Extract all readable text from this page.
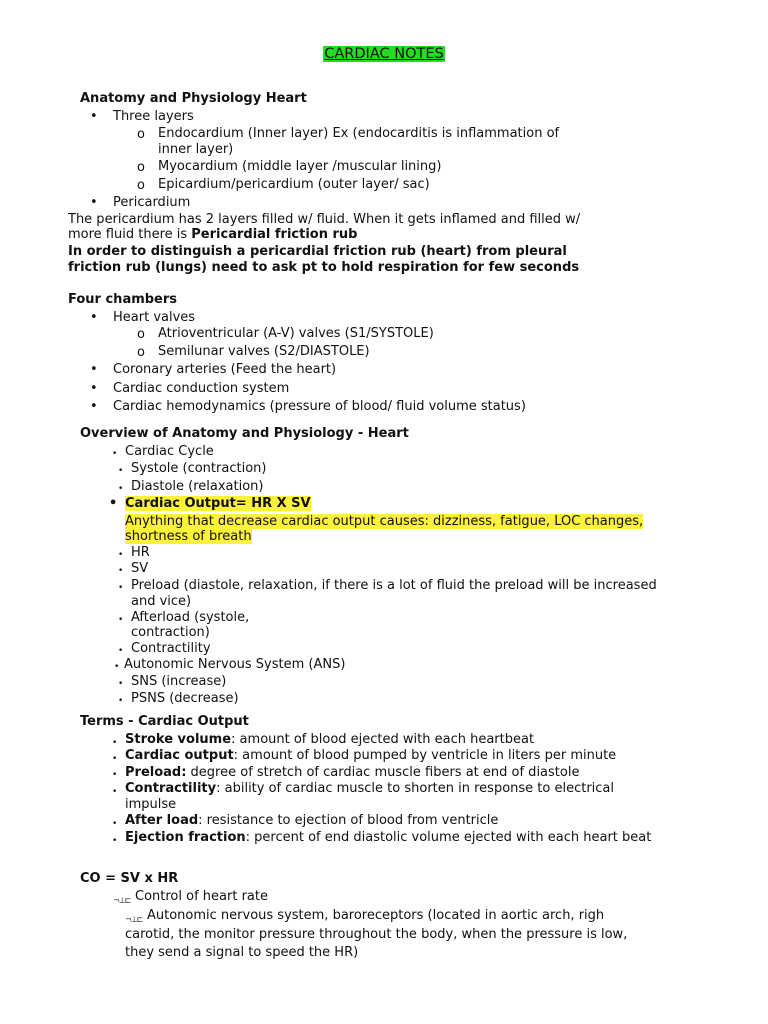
CARDIAC NOTES
Anatomy and Physiology Heart
• Three layers
o Endocardium (Inner layer) Ex (endocarditis is inflammation of
inner layer)
o Myocardium (middle layer /muscular lining)
o Epicardium/pericardium (outer layer/ sac)
• Pericardium
The pericardium has 2 layers filled w/ fluid. When it gets inflamed and filled w/
more fluid there is Pericardial friction rub
In order to distinguish a pericardial friction rub (heart) from pleural
friction rub (lungs) need to ask pt to hold respiration for few seconds
Four chambers
• Heart valves
o Atrioventricular (A-V) valves (S1/SYSTOLE)
o Semilunar valves (S2/DIASTOLE)
• Coronary arteries (Feed the heart)
• Cardiac conduction system
• Cardiac hemodynamics (pressure of blood/ fluid volume status)
Overview of Anatomy and Physiology - Heart
• Cardiac Cycle
• Systole (contraction)
• Diastole (relaxation)
• Cardiac Output= HR X SV
Anything that decrease cardiac output causes: dizziness, fatigue, LOC changes,
shortness of breath
• HR
• SV
• Preload (diastole, relaxation, if there is a lot of fluid the preload will be increased
and vice)
• Afterload (systole,
contraction)
• Contractility
• Autonomic Nervous System (ANS)
• SNS (increase)
• PSNS (decrease)
Terms - Cardiac Output
• Stroke volume: amount of blood ejected with each heartbeat
• Cardiac output: amount of blood pumped by ventricle in liters per minute
• Preload: degree of stretch of cardiac muscle fibers at end of diastole
• Contractility: ability of cardiac muscle to shorten in response to electrical
impulse
• After load: resistance to ejection of blood from ventricle
• Ejection fraction: percent of end diastolic volume ejected with each heart beat
CO = SV x HR
¬⊥⊏ Control of heart rate
¬⊥⊏ Autonomic nervous system, baroreceptors (located in aortic arch, righ
carotid, the monitor pressure throughout the body, when the pressure is low,
they send a signal to speed the HR)
